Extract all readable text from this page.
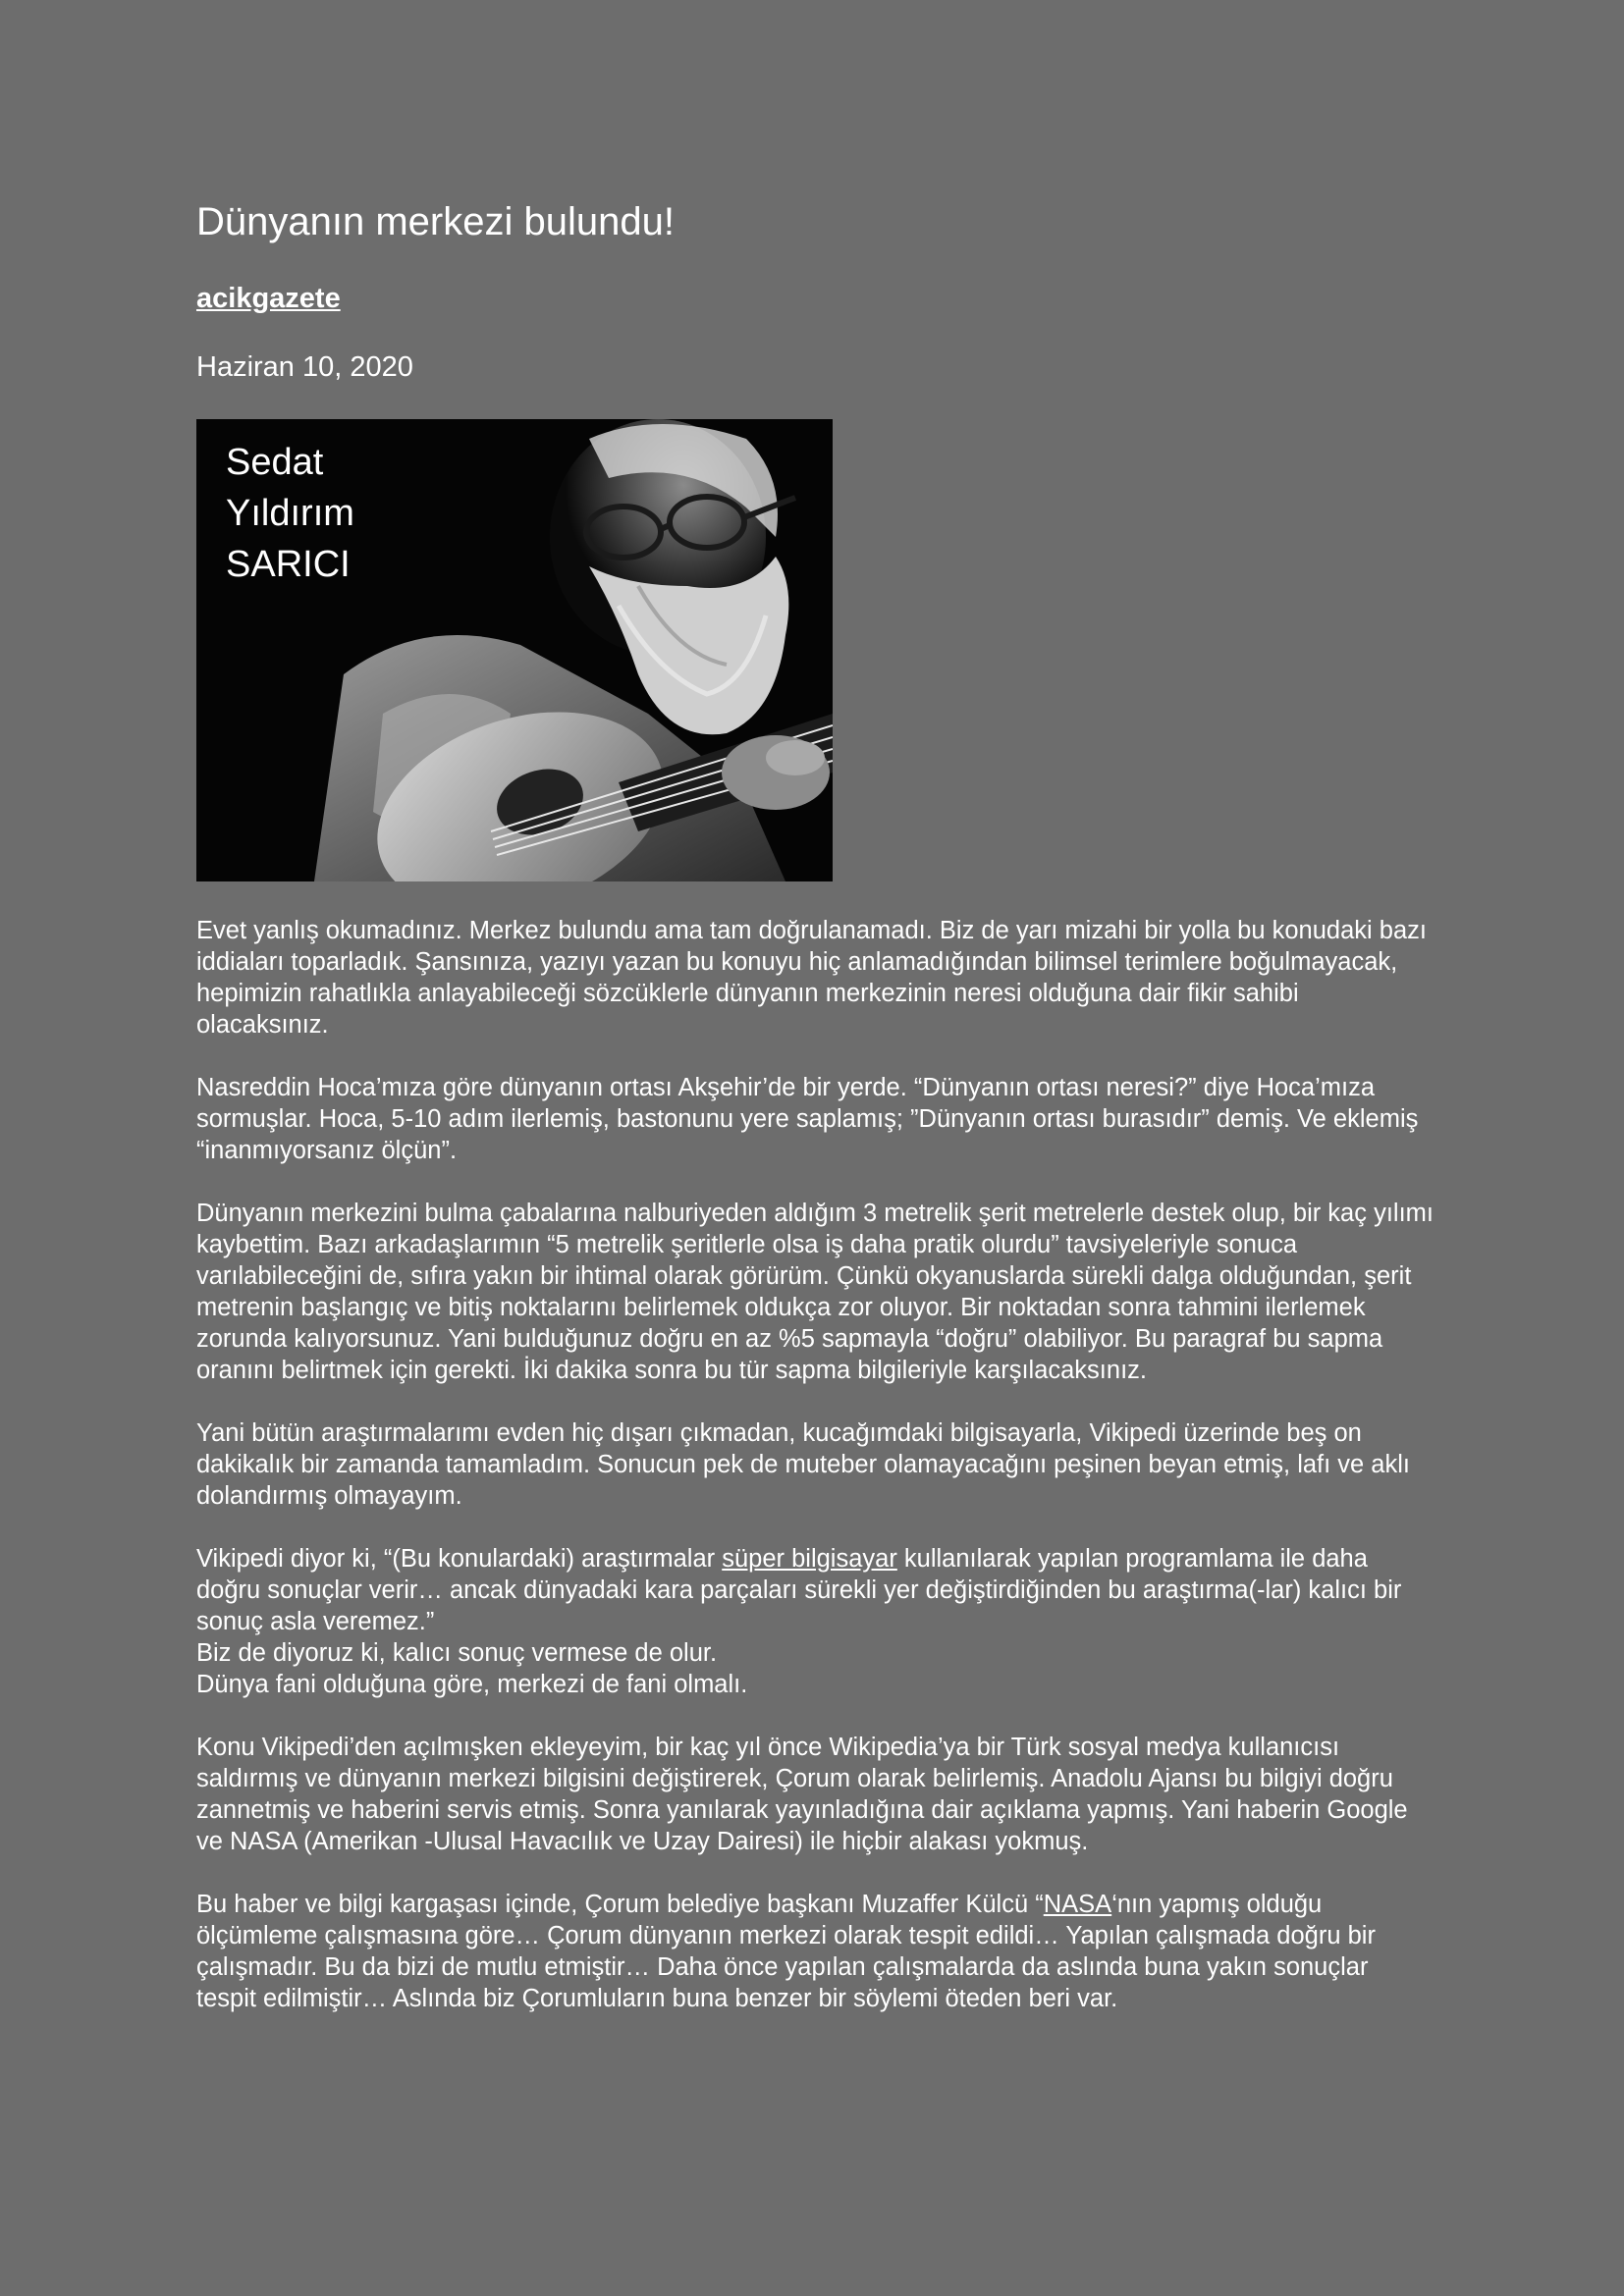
Dünyanın merkezi bulundu!
acikgazete
Haziran 10, 2020
Sedat
Yıldırım
SARICI

Evet yanlış okumadınız. Merkez bulundu ama tam doğrulanamadı. Biz de yarı mizahi bir yolla bu konudaki bazı iddiaları toparladık. Şansınıza, yazıyı yazan bu konuyu hiç anlamadığından bilimsel terimlere boğulmayacak, hepimizin rahatlıkla anlayabileceği sözcüklerle dünyanın merkezinin neresi olduğuna dair fikir sahibi olacaksınız.

Nasreddin Hoca’mıza göre dünyanın ortası Akşehir’de bir yerde. “Dünyanın ortası neresi?” diye Hoca’mıza sormuşlar. Hoca, 5-10 adım ilerlemiş, bastonunu yere saplamış; ”Dünyanın ortası burasıdır” demiş. Ve eklemiş “inanmıyorsanız ölçün”.

Dünyanın merkezini bulma çabalarına nalburiyeden aldığım 3 metrelik şerit metrelerle destek olup, bir kaç yılımı kaybettim. Bazı arkadaşlarımın “5 metrelik şeritlerle olsa iş daha pratik olurdu” tavsiyeleriyle sonuca varılabileceğini de, sıfıra yakın bir ihtimal olarak görürüm. Çünkü okyanuslarda sürekli dalga olduğundan, şerit metrenin başlangıç ve bitiş noktalarını belirlemek oldukça zor oluyor. Bir noktadan sonra tahmini ilerlemek zorunda kalıyorsunuz. Yani bulduğunuz doğru en az %5 sapmayla “doğru” olabiliyor. Bu paragraf bu sapma oranını belirtmek için gerekti. İki dakika sonra bu tür sapma bilgileriyle karşılacaksınız.

Yani bütün araştırmalarımı evden hiç dışarı çıkmadan, kucağımdaki bilgisayarla, Vikipedi üzerinde beş on dakikalık bir zamanda tamamladım. Sonucun pek de muteber olamayacağını peşinen beyan etmiş, lafı ve aklı dolandırmış olmayayım.

Vikipedi diyor ki, “(Bu konulardaki) araştırmalar süper bilgisayar kullanılarak yapılan programlama ile daha doğru sonuçlar verir… ancak dünyadaki kara parçaları sürekli yer değiştirdiğinden bu araştırma(-lar) kalıcı bir sonuç asla veremez.”
Biz de diyoruz ki, kalıcı sonuç vermese de olur.
Dünya fani olduğuna göre, merkezi de fani olmalı.

Konu Vikipedi’den açılmışken ekleyeyim, bir kaç yıl önce Wikipedia’ya bir Türk sosyal medya kullanıcısı saldırmış ve dünyanın merkezi bilgisini değiştirerek, Çorum olarak belirlemiş. Anadolu Ajansı bu bilgiyi doğru zannetmiş ve haberini servis etmiş. Sonra yanılarak yayınladığına dair açıklama yapmış. Yani haberin Google ve NASA (Amerikan -Ulusal Havacılık ve Uzay Dairesi) ile hiçbir alakası yokmuş.

Bu haber ve bilgi kargaşası içinde, Çorum belediye başkanı Muzaffer Külcü “NASA‘nın yapmış olduğu ölçümleme çalışmasına göre… Çorum dünyanın merkezi olarak tespit edildi… Yapılan çalışmada doğru bir çalışmadır. Bu da bizi de mutlu etmiştir… Daha önce yapılan çalışmalarda da aslında buna yakın sonuçlar tespit edilmiştir… Aslında biz Çorumluların buna benzer bir söylemi öteden beri var.
